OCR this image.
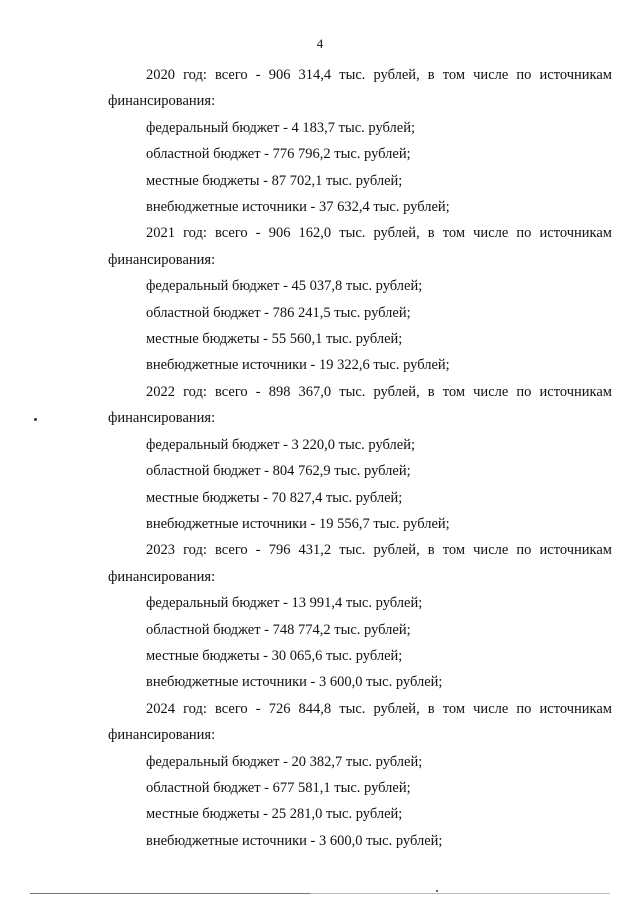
4
2020 год: всего - 906 314,4 тыс. рублей, в том числе по источникам
финансирования:
федеральный бюджет - 4 183,7 тыс. рублей;
областной бюджет - 776 796,2 тыс. рублей;
местные бюджеты - 87 702,1 тыс. рублей;
внебюджетные источники - 37 632,4 тыс. рублей;
2021 год: всего - 906 162,0 тыс. рублей, в том числе по источникам
финансирования:
федеральный бюджет - 45 037,8 тыс. рублей;
областной бюджет - 786 241,5 тыс. рублей;
местные бюджеты - 55 560,1 тыс. рублей;
внебюджетные источники - 19 322,6 тыс. рублей;
2022 год: всего - 898 367,0 тыс. рублей, в том числе по источникам
финансирования:
федеральный бюджет - 3 220,0 тыс. рублей;
областной бюджет - 804 762,9 тыс. рублей;
местные бюджеты - 70 827,4 тыс. рублей;
внебюджетные источники - 19 556,7 тыс. рублей;
2023 год: всего - 796 431,2 тыс. рублей, в том числе по источникам
финансирования:
федеральный бюджет - 13 991,4 тыс. рублей;
областной бюджет - 748 774,2 тыс. рублей;
местные бюджеты - 30 065,6 тыс. рублей;
внебюджетные источники - 3 600,0 тыс. рублей;
2024 год: всего - 726 844,8 тыс. рублей, в том числе по источникам
финансирования:
федеральный бюджет - 20 382,7 тыс. рублей;
областной бюджет - 677 581,1 тыс. рублей;
местные бюджеты - 25 281,0 тыс. рублей;
внебюджетные источники - 3 600,0 тыс. рублей;
